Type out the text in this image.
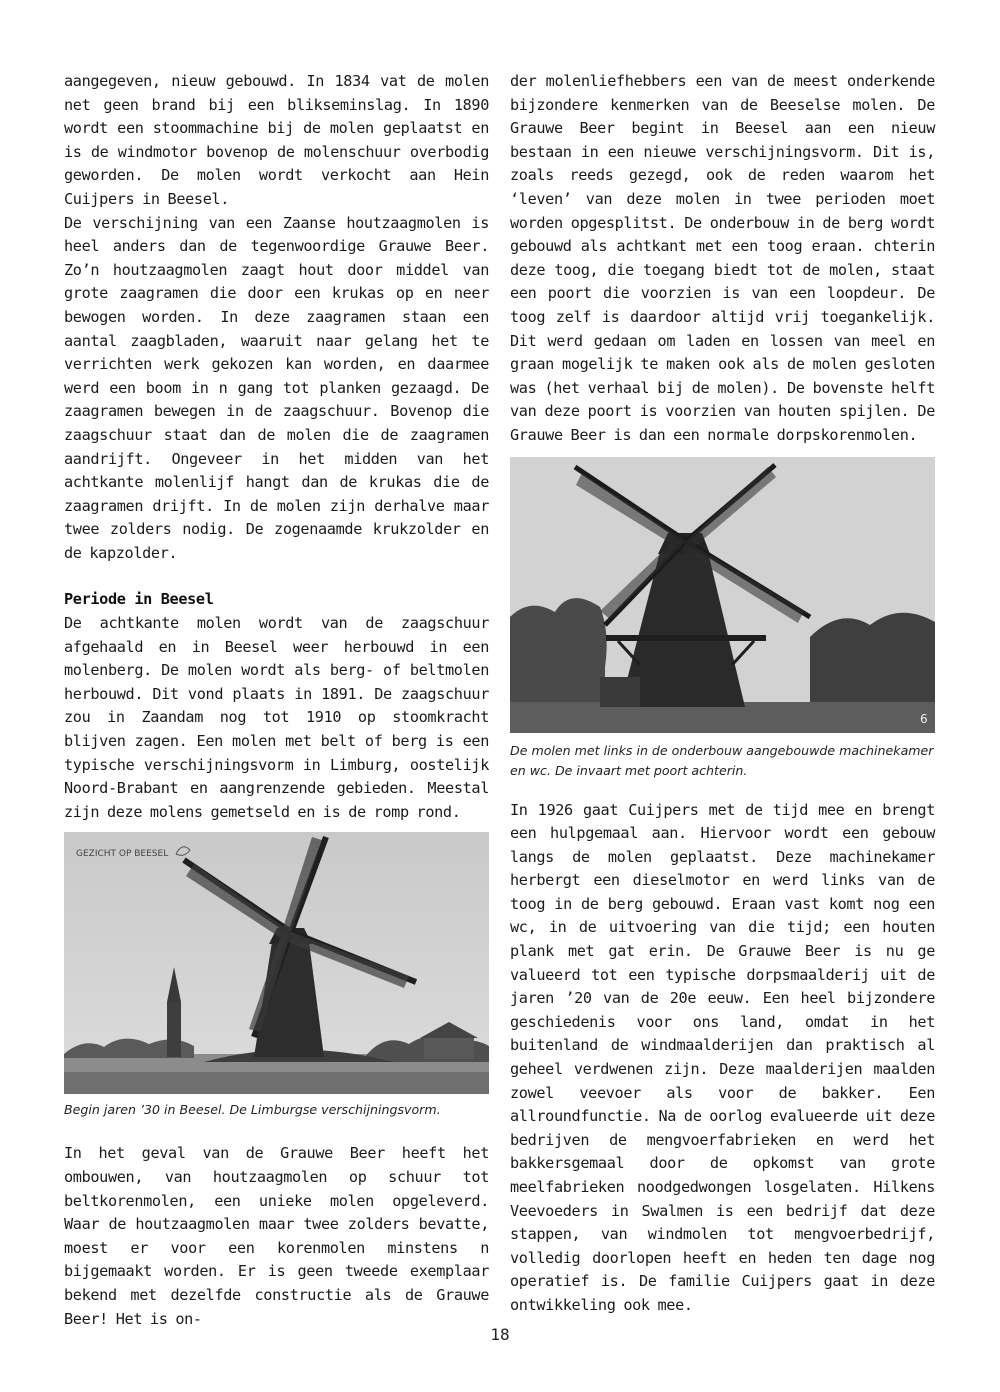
aangegeven, nieuw gebouwd. In 1834 vat de molen net geen brand bij een blikseminslag. In 1890 wordt een stoommachine bij de molen geplaatst en is de windmotor bovenop de molenschuur overbodig geworden. De molen wordt verkocht aan Hein Cuijpers in Beesel.

De verschijning van een Zaanse houtzaagmolen is heel anders dan de tegenwoordige Grauwe Beer. Zo’n houtzaagmolen zaagt hout door middel van grote zaagramen die door een krukas op en neer bewogen worden. In deze zaagramen staan een aantal zaagbladen, waaruit naar gelang het te verrichten werk gekozen kan worden, en daarmee werd een boom in n gang tot planken gezaagd. De zaagramen bewegen in de zaagschuur. Bovenop die zaagschuur staat dan de molen die de zaagramen aandrijft. Ongeveer in het midden van het achtkante molenlijf hangt dan de krukas die de zaagramen drijft. In de molen zijn derhalve maar twee zolders nodig. De zogenaamde krukzolder en de kapzolder.

Periode in Beesel

De achtkante molen wordt van de zaagschuur afgehaald en in Beesel weer herbouwd in een molenberg. De molen wordt als berg- of beltmolen herbouwd. Dit vond plaats in 1891. De zaagschuur zou in Zaandam nog tot 1910 op stoomkracht blijven zagen. Een molen met belt of berg is een typische verschijningsvorm in Limburg, oostelijk Noord-Brabant en aangrenzende gebieden. Meestal zijn deze molens gemetseld en is de romp rond.

GEZICHT OP BEESEL

Begin jaren ’30 in Beesel. De Limburgse verschijningsvorm.

In het geval van de Grauwe Beer heeft het ombouwen, van houtzaagmolen op schuur tot beltkorenmolen, een unieke molen opgeleverd. Waar de houtzaagmolen maar twee zolders bevatte, moest er voor een korenmolen minstens n bijgemaakt worden. Er is geen tweede exemplaar bekend met dezelfde constructie als de Grauwe Beer! Het is on-

der molenliefhebbers een van de meest onderkende bijzondere kenmerken van de Beeselse molen. De Grauwe Beer begint in Beesel aan een nieuw bestaan in een nieuwe verschijningsvorm. Dit is, zoals reeds gezegd, ook de reden waarom het ‘leven’ van deze molen in twee perioden moet worden opgesplitst. De onderbouw in de berg wordt gebouwd als achtkant met een toog eraan. chterin deze toog, die toegang biedt tot de molen, staat een poort die voorzien is van een loopdeur. De toog zelf is daardoor altijd vrij toegankelijk. Dit werd gedaan om laden en lossen van meel en graan mogelijk te maken ook als de molen gesloten was (het verhaal bij de molen). De bovenste helft van deze poort is voorzien van houten spijlen. De Grauwe Beer is dan een normale dorpskorenmolen.

6

De molen met links in de onderbouw aangebouwde machinekamer en wc. De invaart met poort achterin.

In 1926 gaat Cuijpers met de tijd mee en brengt een hulpgemaal aan. Hiervoor wordt een gebouw langs de molen geplaatst. Deze machinekamer herbergt een dieselmotor en werd links van de toog in de berg gebouwd. Eraan vast komt nog een wc, in de uitvoering van die tijd; een houten plank met gat erin. De Grauwe Beer is nu ge valueerd tot een typische dorpsmaalderij uit de jaren ’20 van de 20e eeuw. Een heel bijzondere geschiedenis voor ons land, omdat in het buitenland de windmaalderijen dan praktisch al geheel verdwenen zijn. Deze maalderijen maalden zowel veevoer als voor de bakker. Een allroundfunctie. Na de oorlog evalueerde uit deze bedrijven de mengvoerfabrieken en werd het bakkersgemaal door de opkomst van grote meelfabrieken noodgedwongen losgelaten. Hilkens Veevoeders in Swalmen is een bedrijf dat deze stappen, van windmolen tot mengvoerbedrijf, volledig doorlopen heeft en heden ten dage nog operatief is. De familie Cuijpers gaat in deze ontwikkeling ook mee.

18
